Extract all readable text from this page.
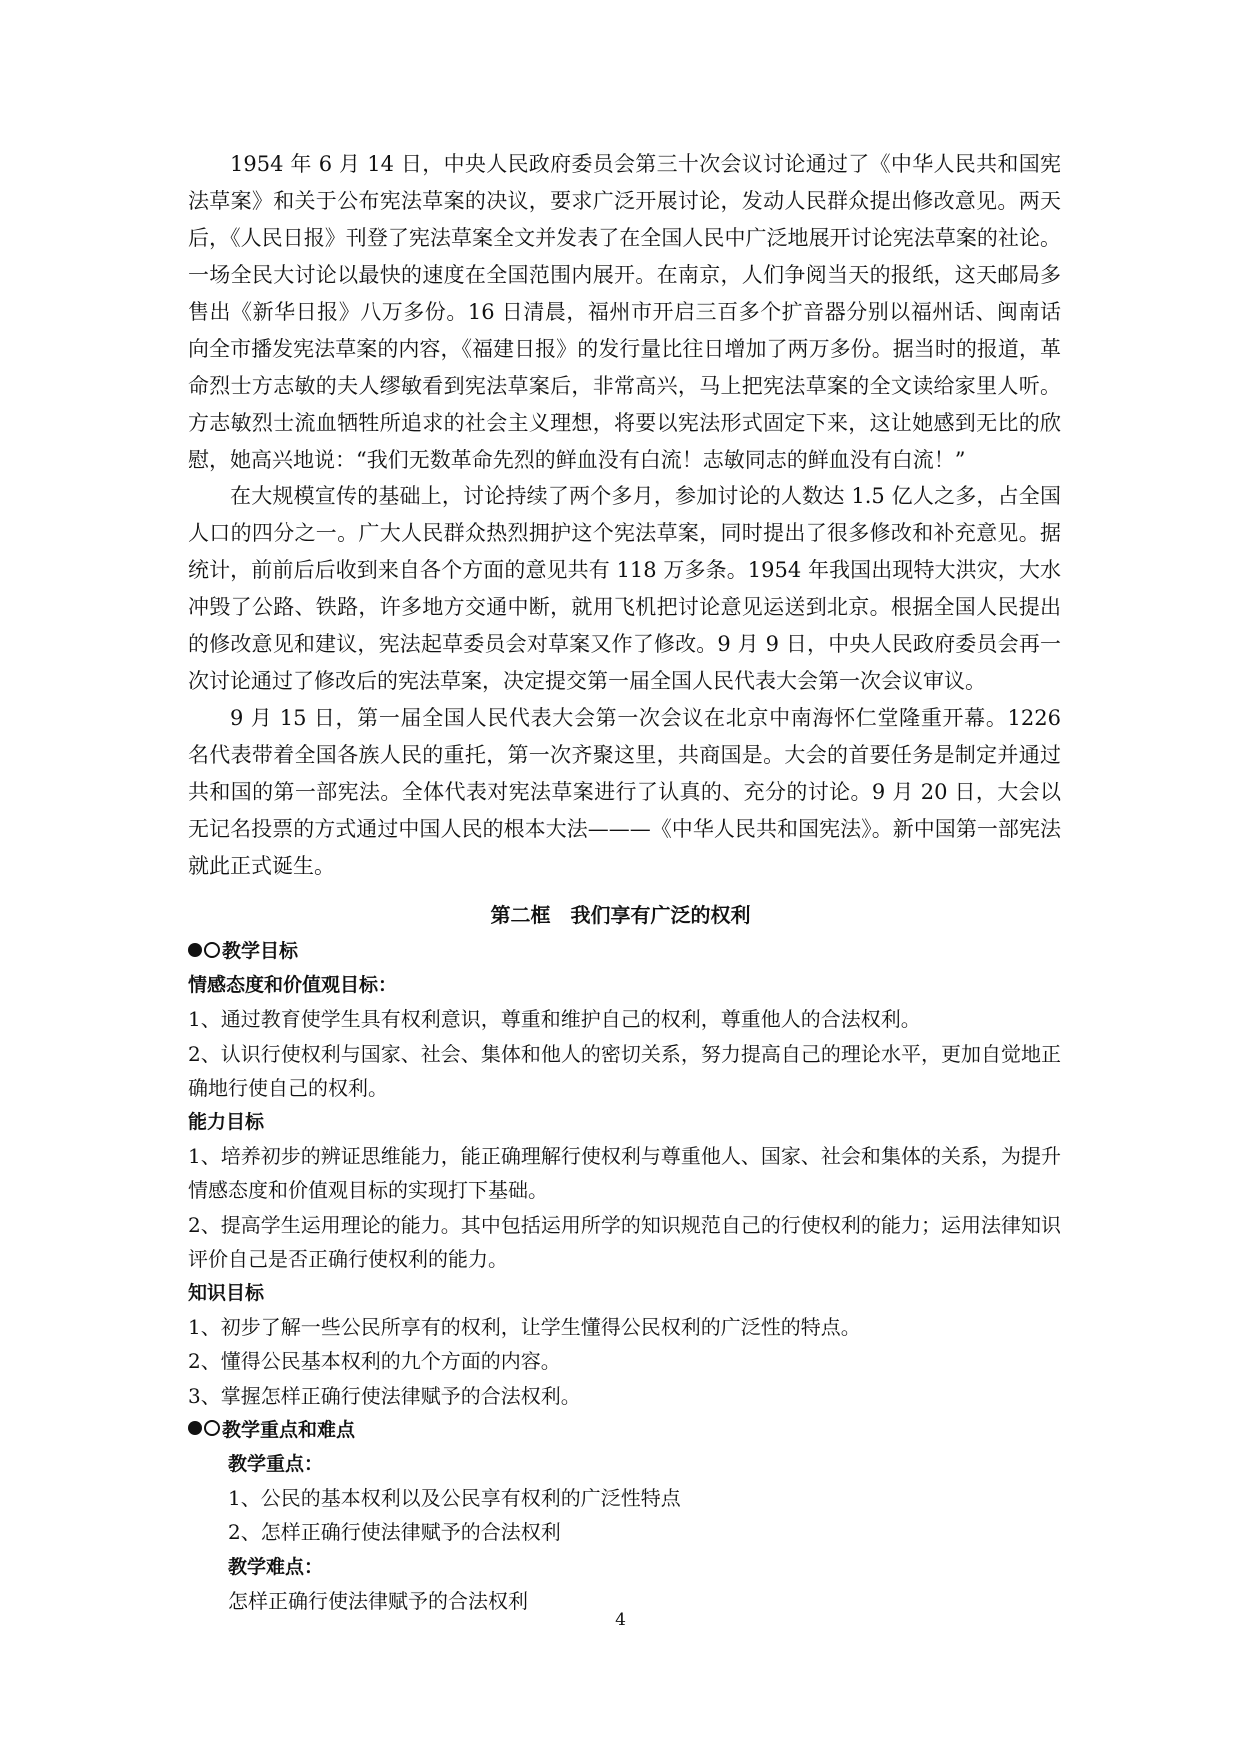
1954 年 6 月 14 日，中央人民政府委员会第三十次会议讨论通过了《中华人民共和国宪法草案》和关于公布宪法草案的决议，要求广泛开展讨论，发动人民群众提出修改意见。两天后，《人民日报》刊登了宪法草案全文并发表了在全国人民中广泛地展开讨论宪法草案的社论。一场全民大讨论以最快的速度在全国范围内展开。在南京，人们争阅当天的报纸，这天邮局多售出《新华日报》八万多份。16 日清晨，福州市开启三百多个扩音器分别以福州话、闽南话向全市播发宪法草案的内容，《福建日报》的发行量比往日增加了两万多份。据当时的报道，革命烈士方志敏的夫人缪敏看到宪法草案后，非常高兴，马上把宪法草案的全文读给家里人听。方志敏烈士流血牺牲所追求的社会主义理想，将要以宪法形式固定下来，这让她感到无比的欣慰，她高兴地说：“我们无数革命先烈的鲜血没有白流！志敏同志的鲜血没有白流！”

在大规模宣传的基础上，讨论持续了两个多月，参加讨论的人数达 1.5 亿人之多，占全国人口的四分之一。广大人民群众热烈拥护这个宪法草案，同时提出了很多修改和补充意见。据统计，前前后后收到来自各个方面的意见共有 118 万多条。1954 年我国出现特大洪灾，大水冲毁了公路、铁路，许多地方交通中断，就用飞机把讨论意见运送到北京。根据全国人民提出的修改意见和建议，宪法起草委员会对草案又作了修改。9 月 9 日，中央人民政府委员会再一次讨论通过了修改后的宪法草案，决定提交第一届全国人民代表大会第一次会议审议。

9 月 15 日，第一届全国人民代表大会第一次会议在北京中南海怀仁堂隆重开幕。1226 名代表带着全国各族人民的重托，第一次齐聚这里，共商国是。大会的首要任务是制定并通过共和国的第一部宪法。全体代表对宪法草案进行了认真的、充分的讨论。9 月 20 日，大会以无记名投票的方式通过中国人民的根本大法———《中华人民共和国宪法》。新中国第一部宪法就此正式诞生。

第二框　我们享有广泛的权利

教学目标

情感态度和价值观目标：

1、通过教育使学生具有权利意识，尊重和维护自己的权利，尊重他人的合法权利。

2、认识行使权利与国家、社会、集体和他人的密切关系，努力提高自己的理论水平，更加自觉地正确地行使自己的权利。

能力目标

1、培养初步的辨证思维能力，能正确理解行使权利与尊重他人、国家、社会和集体的关系，为提升情感态度和价值观目标的实现打下基础。

2、提高学生运用理论的能力。其中包括运用所学的知识规范自己的行使权利的能力；运用法律知识评价自己是否正确行使权利的能力。

知识目标

1、初步了解一些公民所享有的权利，让学生懂得公民权利的广泛性的特点。

2、懂得公民基本权利的九个方面的内容。

3、掌握怎样正确行使法律赋予的合法权利。

教学重点和难点

教学重点：

1、公民的基本权利以及公民享有权利的广泛性特点

2、怎样正确行使法律赋予的合法权利

教学难点：

怎样正确行使法律赋予的合法权利

4
